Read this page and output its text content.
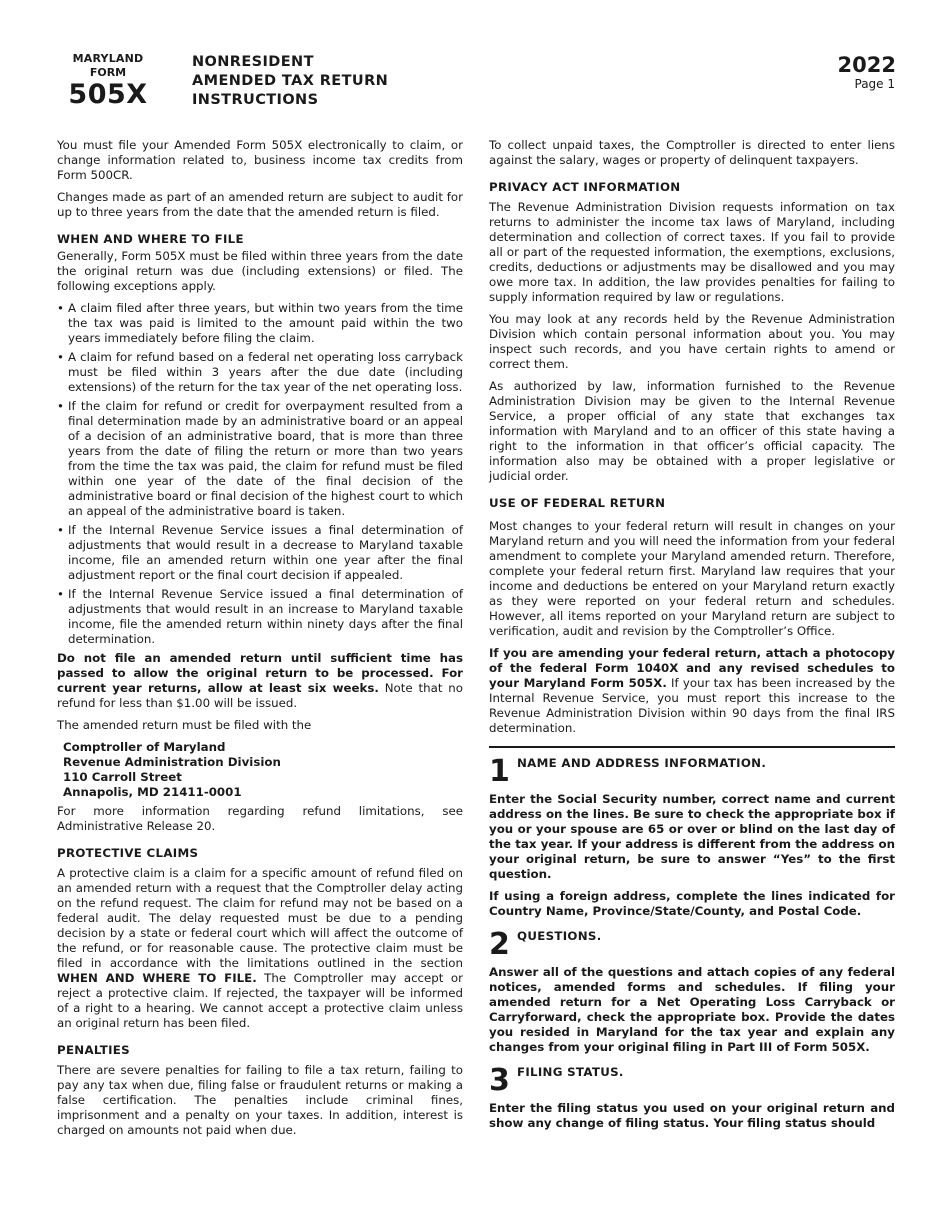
MARYLAND
FORM
505X
NONRESIDENT
AMENDED TAX RETURN
INSTRUCTIONS
2022
Page 1

You must file your Amended Form 505X electronically to claim, or change information related to, business income tax credits from Form 500CR.

Changes made as part of an amended return are subject to audit for up to three years from the date that the amended return is filed.

WHEN AND WHERE TO FILE

Generally, Form 505X must be filed within three years from the date the original return was due (including extensions) or filed. The following exceptions apply.

• A claim filed after three years, but within two years from the time the tax was paid is limited to the amount paid within the two years immediately before filing the claim.
• A claim for refund based on a federal net operating loss carryback must be filed within 3 years after the due date (including extensions) of the return for the tax year of the net operating loss.
• If the claim for refund or credit for overpayment resulted from a final determination made by an administrative board or an appeal of a decision of an administrative board, that is more than three years from the date of filing the return or more than two years from the time the tax was paid, the claim for refund must be filed within one year of the date of the final decision of the administrative board or final decision of the highest court to which an appeal of the administrative board is taken.
• If the Internal Revenue Service issues a final determination of adjustments that would result in a decrease to Maryland taxable income, file an amended return within one year after the final adjustment report or the final court decision if appealed.
• If the Internal Revenue Service issued a final determination of adjustments that would result in an increase to Maryland taxable income, file the amended return within ninety days after the final determination.

Do not file an amended return until sufficient time has passed to allow the original return to be processed. For current year returns, allow at least six weeks. Note that no refund for less than $1.00 will be issued.

The amended return must be filed with the

Comptroller of Maryland
Revenue Administration Division
110 Carroll Street
Annapolis, MD 21411-0001

For more information regarding refund limitations, see Administrative Release 20.

PROTECTIVE CLAIMS

A protective claim is a claim for a specific amount of refund filed on an amended return with a request that the Comptroller delay acting on the refund request. The claim for refund may not be based on a federal audit. The delay requested must be due to a pending decision by a state or federal court which will affect the outcome of the refund, or for reasonable cause. The protective claim must be filed in accordance with the limitations outlined in the section WHEN AND WHERE TO FILE. The Comptroller may accept or reject a protective claim. If rejected, the taxpayer will be informed of a right to a hearing. We cannot accept a protective claim unless an original return has been filed.

PENALTIES

There are severe penalties for failing to file a tax return, failing to pay any tax when due, filing false or fraudulent returns or making a false certification. The penalties include criminal fines, imprisonment and a penalty on your taxes. In addition, interest is charged on amounts not paid when due.

To collect unpaid taxes, the Comptroller is directed to enter liens against the salary, wages or property of delinquent taxpayers.

PRIVACY ACT INFORMATION

The Revenue Administration Division requests information on tax returns to administer the income tax laws of Maryland, including determination and collection of correct taxes. If you fail to provide all or part of the requested information, the exemptions, exclusions, credits, deductions or adjustments may be disallowed and you may owe more tax. In addition, the law provides penalties for failing to supply information required by law or regulations.

You may look at any records held by the Revenue Administration Division which contain personal information about you. You may inspect such records, and you have certain rights to amend or correct them.

As authorized by law, information furnished to the Revenue Administration Division may be given to the Internal Revenue Service, a proper official of any state that exchanges tax information with Maryland and to an officer of this state having a right to the information in that officer’s official capacity. The information also may be obtained with a proper legislative or judicial order.

USE OF FEDERAL RETURN

Most changes to your federal return will result in changes on your Maryland return and you will need the information from your federal amendment to complete your Maryland amended return. Therefore, complete your federal return first. Maryland law requires that your income and deductions be entered on your Maryland return exactly as they were reported on your federal return and schedules. However, all items reported on your Maryland return are subject to verification, audit and revision by the Comptroller’s Office.

If you are amending your federal return, attach a photocopy of the federal Form 1040X and any revised schedules to your Maryland Form 505X. If your tax has been increased by the Internal Revenue Service, you must report this increase to the Revenue Administration Division within 90 days from the final IRS determination.

1 NAME AND ADDRESS INFORMATION.

Enter the Social Security number, correct name and current address on the lines. Be sure to check the appropriate box if you or your spouse are 65 or over or blind on the last day of the tax year. If your address is different from the address on your original return, be sure to answer “Yes” to the first question.

If using a foreign address, complete the lines indicated for Country Name, Province/State/County, and Postal Code.

2 QUESTIONS.

Answer all of the questions and attach copies of any federal notices, amended forms and schedules. If filing your amended return for a Net Operating Loss Carryback or Carryforward, check the appropriate box. Provide the dates you resided in Maryland for the tax year and explain any changes from your original filing in Part III of Form 505X.

3 FILING STATUS.

Enter the filing status you used on your original return and show any change of filing status. Your filing status should
